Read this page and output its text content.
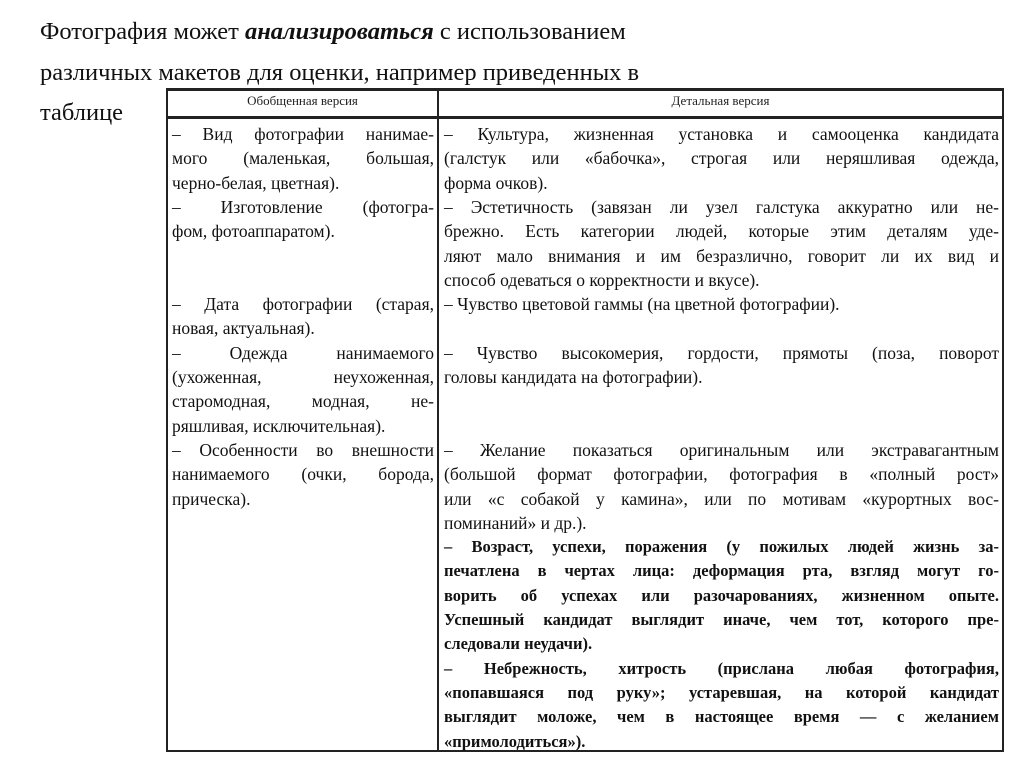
Фотография может анализироваться с использованием
различных макетов для оценки, например приведенных в
таблице	Обобщенная версия	Детальная версия
– Вид фотографии нанимае-
мого (маленькая, большая,
черно-белая, цветная).
– Изготовление (фотогра-
фом, фотоаппаратом).
– Дата фотографии (старая,
новая, актуальная).
– Одежда нанимаемого
(ухоженная, неухоженная,
старомодная, модная, не-
ряшливая, исключительная).
– Особенности во внешности
нанимаемого (очки, борода,
прическа).
– Культура, жизненная установка и самооценка кандидата
(галстук или «бабочка», строгая или неряшливая одежда,
форма очков).
– Эстетичность (завязан ли узел галстука аккуратно или не-
брежно. Есть категории людей, которые этим деталям уде-
ляют мало внимания и им безразлично, говорит ли их вид и
способ одеваться о корректности и вкусе).
– Чувство цветовой гаммы (на цветной фотографии).
– Чувство высокомерия, гордости, прямоты (поза, поворот
головы кандидата на фотографии).
– Желание показаться оригинальным или экстравагантным
(большой формат фотографии, фотография в «полный рост»
или «с собакой у камина», или по мотивам «курортных вос-
поминаний» и др.).
– Возраст, успехи, поражения (у пожилых людей жизнь за-
печатлена в чертах лица: деформация рта, взгляд могут го-
ворить об успехах или разочарованиях, жизненном опыте.
Успешный кандидат выглядит иначе, чем тот, которого пре-
следовали неудачи).
– Небрежность, хитрость (прислана любая фотография,
«попавшаяся под руку»; устаревшая, на которой кандидат
выглядит моложе, чем в настоящее время — с желанием
«примолодиться»).
